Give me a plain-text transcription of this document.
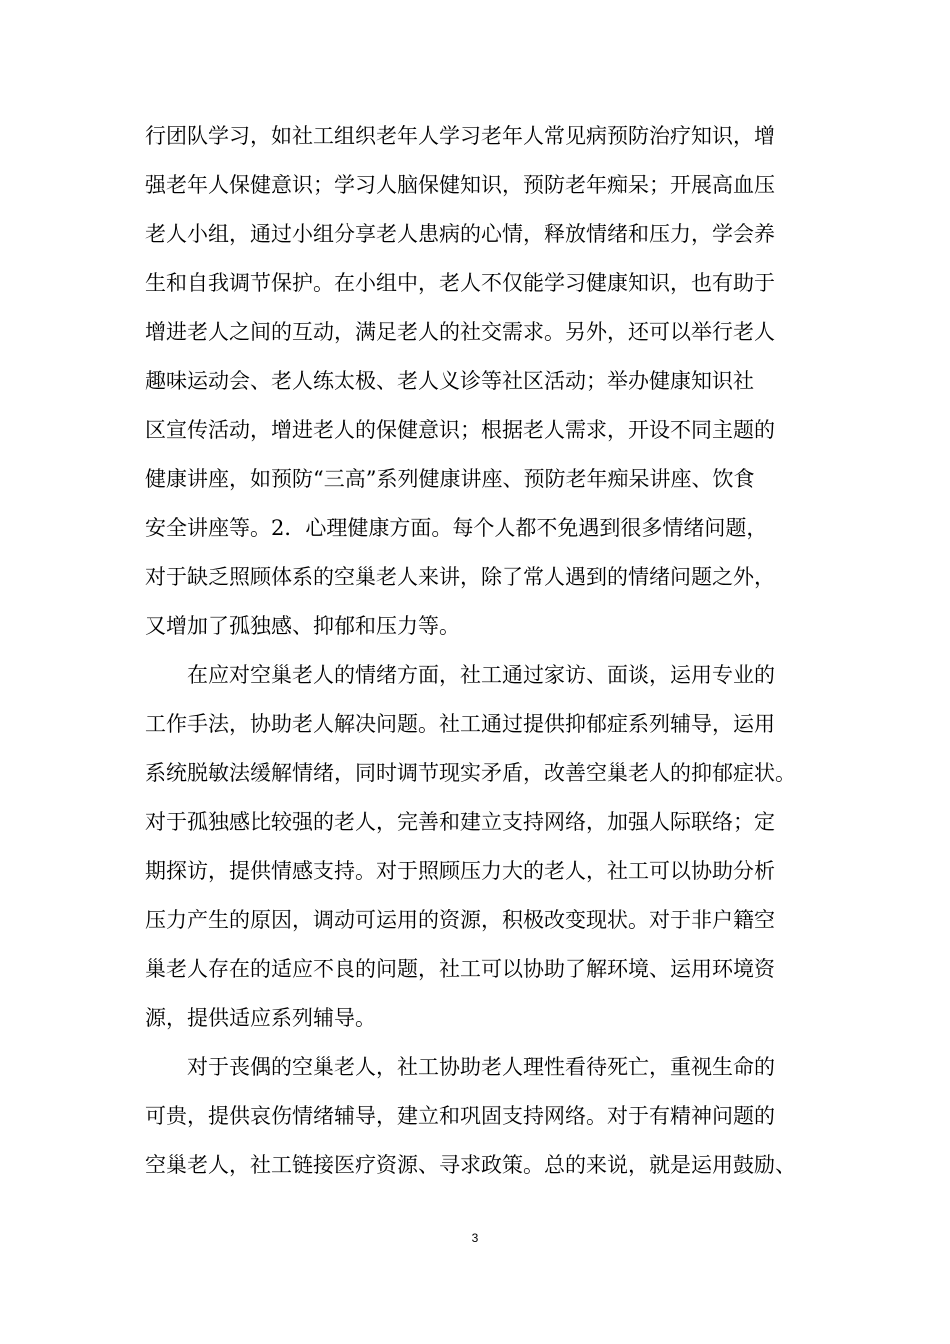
行团队学习，如社工组织老年人学习老年人常见病预防治疗知识，增
强老年人保健意识；学习人脑保健知识，预防老年痴呆；开展高血压
老人小组，通过小组分享老人患病的心情，释放情绪和压力，学会养
生和自我调节保护。在小组中，老人不仅能学习健康知识，也有助于
增进老人之间的互动，满足老人的社交需求。另外，还可以举行老人
趣味运动会、老人练太极、老人义诊等社区活动；举办健康知识社
区宣传活动，增进老人的保健意识；根据老人需求，开设不同主题的
健康讲座，如预防“三高”系列健康讲座、预防老年痴呆讲座、饮食
安全讲座等。2．心理健康方面。每个人都不免遇到很多情绪问题，
对于缺乏照顾体系的空巢老人来讲，除了常人遇到的情绪问题之外，
又增加了孤独感、抑郁和压力等。
　　在应对空巢老人的情绪方面，社工通过家访、面谈，运用专业的
工作手法，协助老人解决问题。社工通过提供抑郁症系列辅导，运用
系统脱敏法缓解情绪，同时调节现实矛盾，改善空巢老人的抑郁症状。
对于孤独感比较强的老人，完善和建立支持网络，加强人际联络；定
期探访，提供情感支持。对于照顾压力大的老人，社工可以协助分析
压力产生的原因，调动可运用的资源，积极改变现状。对于非户籍空
巢老人存在的适应不良的问题，社工可以协助了解环境、运用环境资
源，提供适应系列辅导。
　　对于丧偶的空巢老人，社工协助老人理性看待死亡，重视生命的
可贵，提供哀伤情绪辅导，建立和巩固支持网络。对于有精神问题的
空巢老人，社工链接医疗资源、寻求政策。总的来说，就是运用鼓励、
3
